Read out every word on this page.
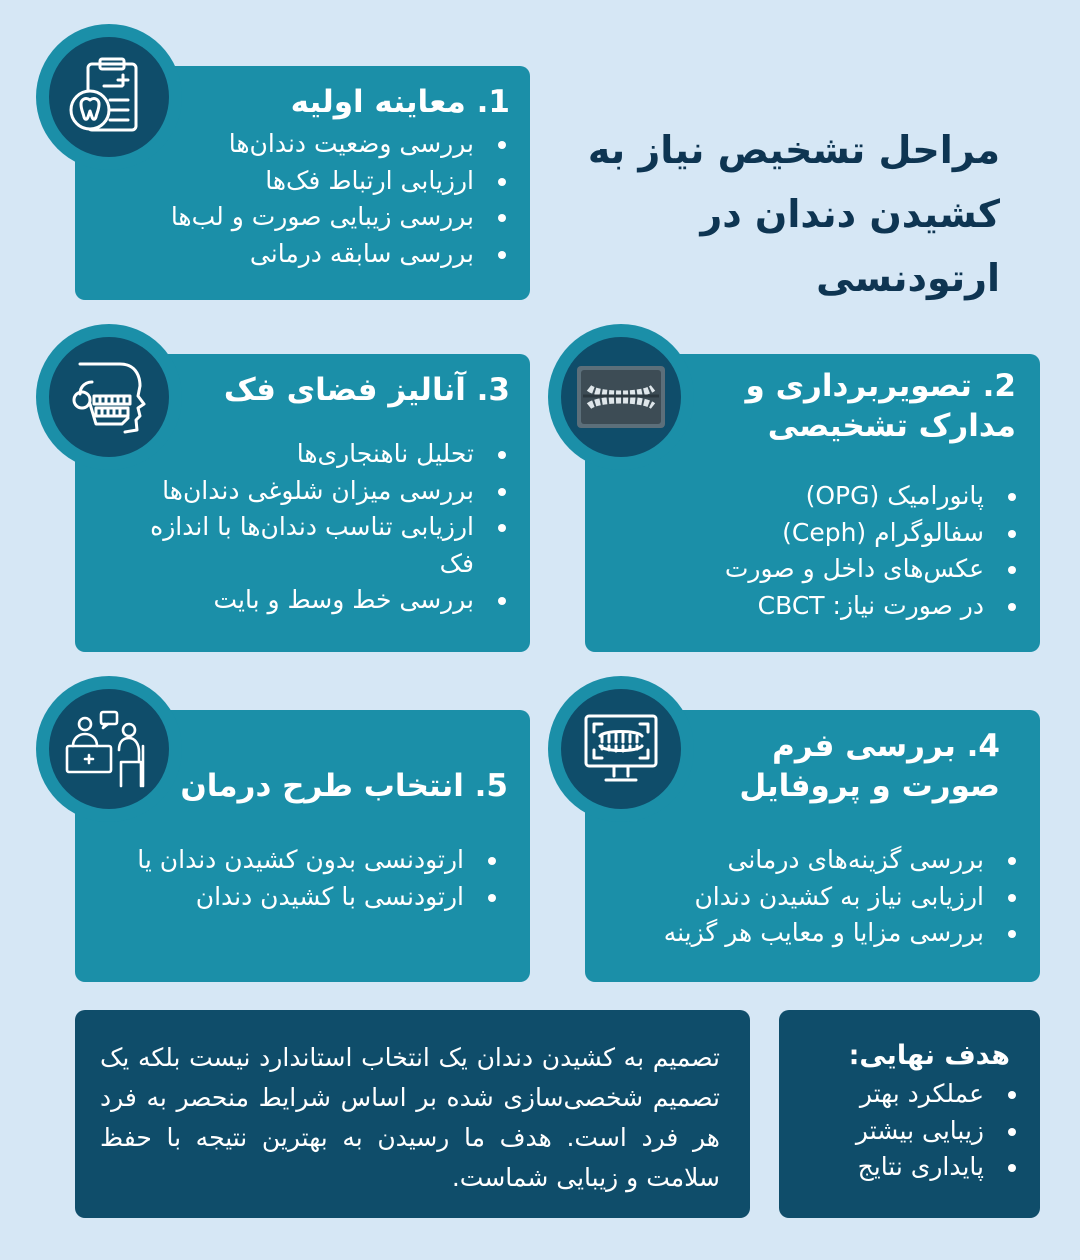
مراحل تشخیص نیاز به کشیدن دندان در ارتودنسی
1. معاینه اولیه
بررسی وضعیت دندان‌ها
ارزیابی ارتباط فک‌ها
بررسی زیبایی صورت و لب‌ها
بررسی سابقه درمانی
3. آنالیز فضای فک
تحلیل ناهنجاری‌ها
بررسی میزان شلوغی دندان‌ها
ارزیابی تناسب دندان‌ها با اندازه فک
بررسی خط وسط و بایت
2. تصویربرداری و مدارک تشخیصی
پانورامیک (OPG)
سفالوگرام (Ceph)
عکس‌های داخل و صورت
در صورت نیاز: CBCT
5. انتخاب طرح درمان
ارتودنسی بدون کشیدن دندان یا
ارتودنسی با کشیدن دندان
4. بررسی فرم صورت و پروفایل
بررسی گزینه‌های درمانی
ارزیابی نیاز به کشیدن دندان
بررسی مزایا و معایب هر گزینه

تصمیم به کشیدن دندان یک انتخاب استاندارد نیست بلکه یک تصمیم شخصی‌سازی شده بر اساس شرایط منحصر به فرد هر فرد است. هدف ما رسیدن به بهترین نتیجه با حفظ سلامت و زیبایی شماست.

هدف نهایی:
عملکرد بهتر
زیبایی بیشتر
پایداری نتایج
